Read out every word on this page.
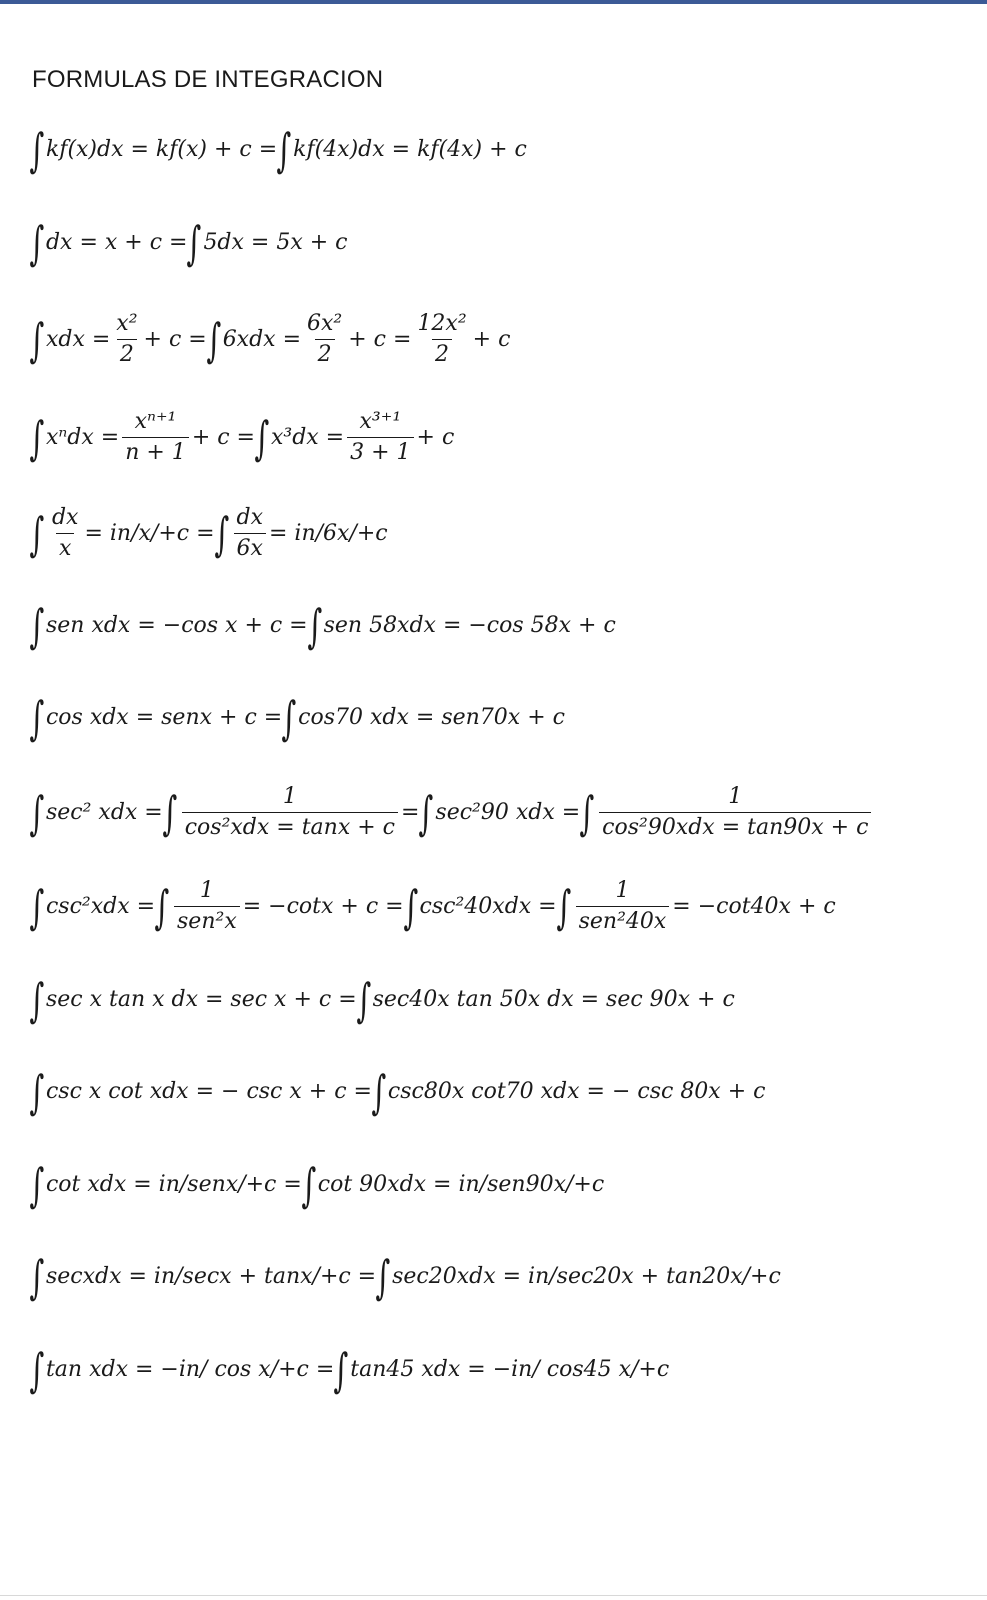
FORMULAS DE INTEGRACION
∫ kf(x)dx = kf(x) + c = ∫ kf(4x)dx = kf(4x) + c
∫ dx = x + c = ∫ 5dx = 5x + c
∫ xdx = $\frac{\text{x²}}{2} + c$ = ∫ $6xdx = \frac{\text{6x²}}{2} + c = \frac{\text{12x²}}{2} + c$
∫ $x^ndx = \frac{\text{xⁿ⁺¹}}{n + 1} + c$ = ∫ $x^3dx = \frac{\text{x³⁺¹}}{3 + 1} + c$
∫ $\frac{dx}{x} = in/x/+c$ = ∫ $\frac{dx}{6x} = in/6x/+c$
∫ sen xdx = −cos x + c = ∫ sen 58xdx = −cos 58x + c
∫ cos xdx = senx + c = ∫ cos70 xdx = sen70x + c
∫ sec² xdx = ∫ $\frac{1}{\text{cos²xdx = tanx + c}}$ = ∫ sec²90 xdx = ∫ $\frac{1}{\text{cos²90xdx = tan90x + c}}$
∫ csc²xdx = ∫ $\frac{1}{\text{sen²x}} = -\cot x + c$ = ∫ csc²40xdx = ∫ $\frac{1}{\text{sen²40x}} = -\cot 40x + c$
∫ sec x tan x dx = sec x + c = ∫ sec40x tan 50x dx = sec 90x + c
∫ csc x cot xdx = − csc x + c = ∫ csc80x cot70 xdx = − csc 80x + c
∫ cot xdx = in/senx/+c = ∫ cot 90xdx = in/sen90x/+c
∫ secxdx = in/secx + tanx/+c = ∫ sec20xdx = in/sec20x + tan20x/+c
∫ tan xdx = −in/ cos x/+c = ∫ tan45 xdx = −in/ cos45 x/+c
